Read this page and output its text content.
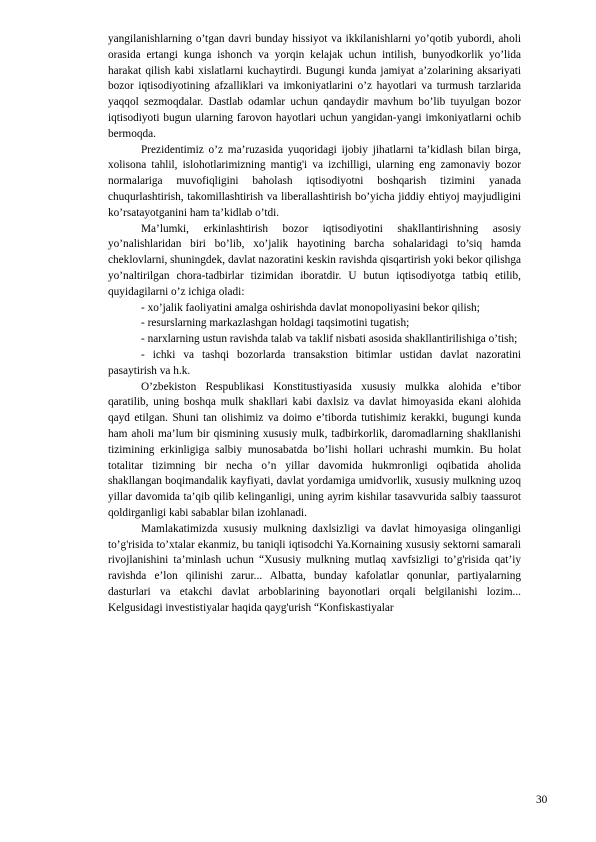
yangilanishlarning o’tgan davri bunday hissiyot va ikkilanishlarni yo’qotib yubordi, aholi orasida ertangi kunga ishonch va yorqin kelajak uchun intilish, bunyodkorlik yo’lida harakat qilish kabi xislatlarni kuchaytirdi. Bugungi kunda jamiyat a’zolarining aksariyati bozor iqtisodiyotining afzalliklari va imkoniyatlarini o’z hayotlari va turmush tarzlarida yaqqol sezmoqdalar. Dastlab odamlar uchun qandaydir mavhum bo’lib tuyulgan bozor iqtisodiyoti bugun ularning farovon hayotlari uchun yangidan-yangi imkoniyatlarni ochib bermoqda.

Prezidentimiz o’z ma’ruzasida yuqoridagi ijobiy jihatlarni ta’kidlash bilan birga, xolisona tahlil, islohotlarimizning mantig'i va izchilligi, ularning eng zamonaviy bozor normalariga muvofiqligini baholash iqtisodiyotni boshqarish tizimini yanada chuqurlashtirish, takomillashtirish va liberallashtirish bo’yicha jiddiy ehtiyoj mayjudligini ko’rsatayotganini ham ta’kidlab o’tdi.

Ma’lumki, erkinlashtirish bozor iqtisodiyotini shakllantirishning asosiy yo’nalishlaridan biri bo’lib, xo’jalik hayotining barcha sohalaridagi to’siq hamda cheklovlarni, shuningdek, davlat nazoratini keskin ravishda qisqartirish yoki bekor qilishga yo’naltirilgan chora-tadbirlar tizimidan iboratdir. U butun iqtisodiyotga tatbiq etilib, quyidagilarni o’z ichiga oladi:

- xo’jalik faoliyatini amalga oshirishda davlat monopoliyasini bekor qilish;

- resurslarning markazlashgan holdagi taqsimotini tugatish;

- narxlarning ustun ravishda talab va taklif nisbati asosida shakllantirilishiga o’tish;

- ichki va tashqi bozorlarda transakstion bitimlar ustidan davlat nazoratini pasaytirish va h.k.

O’zbekiston Respublikasi Konstitustiyasida xususiy mulkka alohida e’tibor qaratilib, uning boshqa mulk shakllari kabi daxlsiz va davlat himoyasida ekani alohida qayd etilgan. Shuni tan olishimiz va doimo e’tiborda tutishimiz kerakki, bugungi kunda ham aholi ma’lum bir qismining xususiy mulk, tadbirkorlik, daromadlarning shakllanishi tizimining erkinligiga salbiy munosabatda bo’lishi hollari uchrashi mumkin. Bu holat totalitar tizimning bir necha o’n yillar davomida hukmronligi oqibatida aholida shakllangan boqimandalik kayfiyati, davlat yordamiga umidvorlik, xususiy mulkning uzoq yillar davomida ta’qib qilib kelinganligi, uning ayrim kishilar tasavvurida salbiy taassurot qoldirganligi kabi sabablar bilan izohlanadi.

Mamlakatimizda xususiy mulkning daxlsizligi va davlat himoyasiga olinganligi to’g'risida to’xtalar ekanmiz, bu taniqli iqtisodchi Ya.Kornaining xususiy sektorni samarali rivojlanishini ta’minlash uchun “Xususiy mulkning mutlaq xavfsizligi to’g'risida qat’iy ravishda e’lon qilinishi zarur... Albatta, bunday kafolatlar qonunlar, partiyalarning dasturlari va etakchi davlat arboblarining bayonotlari orqali belgilanishi lozim... Kelgusidagi investistiyalar haqida qayg'urish “Konfiskastiyalar

30
